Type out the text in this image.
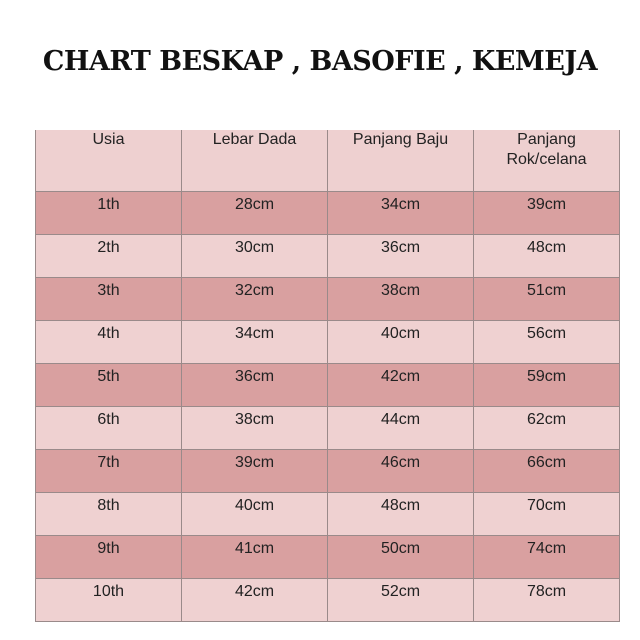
CHART BESKAP , BASOFIE , KEMEJA
Usia	Lebar Dada	Panjang Baju	Panjang
Rok/celana

1th	28cm	34cm	39cm
2th	30cm	36cm	48cm
3th	32cm	38cm	51cm
4th	34cm	40cm	56cm
5th	36cm	42cm	59cm
6th	38cm	44cm	62cm
7th	39cm	46cm	66cm
8th	40cm	48cm	70cm
9th	41cm	50cm	74cm
10th	42cm	52cm	78cm
